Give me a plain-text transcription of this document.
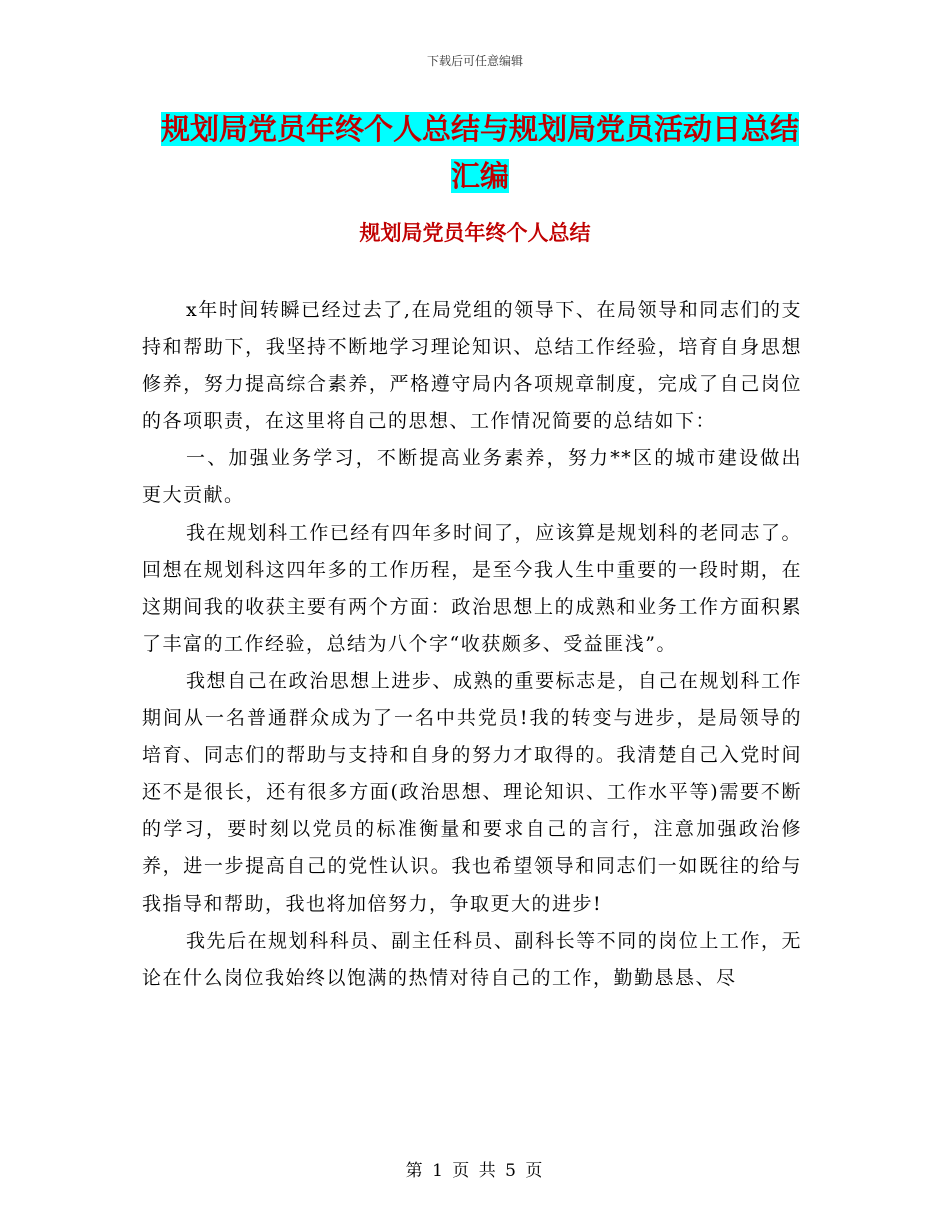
下载后可任意编辑
规划局党员年终个人总结与规划局党员活动日总结汇编
规划局党员年终个人总结

x年时间转瞬已经过去了,在局党组的领导下、在局领导和同志们的支持和帮助下，我坚持不断地学习理论知识、总结工作经验，培育自身思想修养，努力提高综合素养，严格遵守局内各项规章制度，完成了自己岗位的各项职责，在这里将自己的思想、工作情况简要的总结如下：

一、加强业务学习，不断提高业务素养，努力**区的城市建设做出更大贡献。

我在规划科工作已经有四年多时间了，应该算是规划科的老同志了。回想在规划科这四年多的工作历程，是至今我人生中重要的一段时期，在这期间我的收获主要有两个方面：政治思想上的成熟和业务工作方面积累了丰富的工作经验，总结为八个字“收获颇多、受益匪浅”。

我想自己在政治思想上进步、成熟的重要标志是，自己在规划科工作期间从一名普通群众成为了一名中共党员!我的转变与进步，是局领导的培育、同志们的帮助与支持和自身的努力才取得的。我清楚自己入党时间还不是很长，还有很多方面(政治思想、理论知识、工作水平等)需要不断的学习，要时刻以党员的标准衡量和要求自己的言行，注意加强政治修养，进一步提高自己的党性认识。我也希望领导和同志们一如既往的给与我指导和帮助，我也将加倍努力，争取更大的进步!

我先后在规划科科员、副主任科员、副科长等不同的岗位上工作，无论在什么岗位我始终以饱满的热情对待自己的工作，勤勤恳恳、尽

第 1 页 共 5 页
